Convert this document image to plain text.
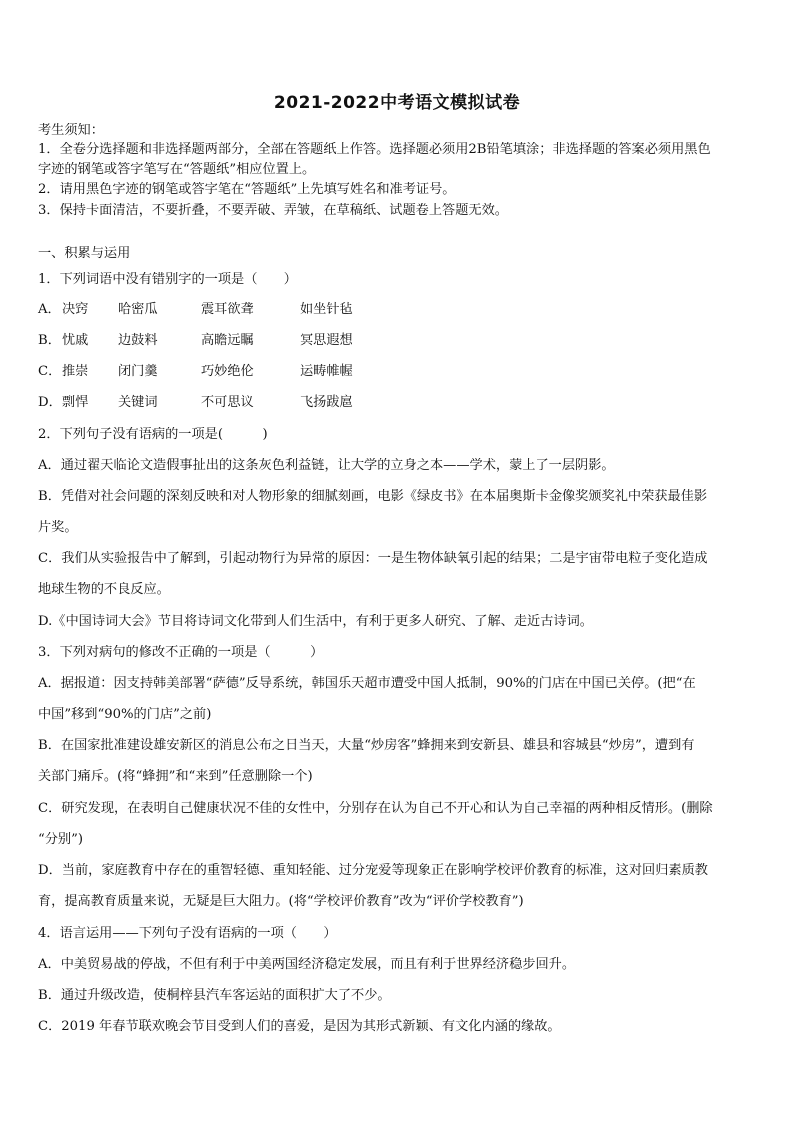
2021-2022中考语文模拟试卷
考生须知：
1．全卷分选择题和非选择题两部分，全部在答题纸上作答。选择题必须用2B铅笔填涂；非选择题的答案必须用黑色
字迹的钢笔或答字笔写在“答题纸”相应位置上。
2．请用黑色字迹的钢笔或答字笔在“答题纸”上先填写姓名和准考证号。
3．保持卡面清洁，不要折叠，不要弄破、弄皱，在草稿纸、试题卷上答题无效。
一、积累与运用
1．下列词语中没有错别字的一项是（　　）
A． 决窍 哈密瓜	震耳欲聋	如坐针毡
B． 忧戚 边鼓料	高瞻远瞩	冥思遐想
C． 推崇 闭门羹	巧妙绝伦	运畴帷幄
D． 剽悍 关键词	不可思议	飞扬跋扈
2．下列句子没有语病的一项是(　　　)
A．通过翟天临论文造假事扯出的这条灰色利益链，让大学的立身之本——学术，蒙上了一层阴影。
B．凭借对社会问题的深刻反映和对人物形象的细腻刻画，电影《绿皮书》在本届奥斯卡金像奖颁奖礼中荣获最佳影
片奖。
C．我们从实验报告中了解到，引起动物行为异常的原因：一是生物体缺氧引起的结果；二是宇宙带电粒子变化造成
地球生物的不良反应。
D.《中国诗词大会》节目将诗词文化带到人们生活中，有利于更多人研究、了解、走近古诗词。
3．下列对病句的修改不正确的一项是（　　　）
A．据报道：因支持韩美部署“萨德”反导系统，韩国乐天超市遭受中国人抵制，90%的门店在中国已关停。(把“在
中国”移到“90%的门店”之前)
B．在国家批准建设雄安新区的消息公布之日当天，大量“炒房客”蜂拥来到安新县、雄县和容城县“炒房”，遭到有
关部门痛斥。(将“蜂拥”和“来到”任意删除一个)
C．研究发现，在表明自己健康状况不佳的女性中，分别存在认为自己不开心和认为自己幸福的两种相反情形。(删除
“分别”)
D．当前，家庭教育中存在的重智轻德、重知轻能、过分宠爱等现象正在影响学校评价教育的标准，这对回归素质教
育，提高教育质量来说，无疑是巨大阻力。(将“学校评价教育”改为“评价学校教育”)
4．语言运用——下列句子没有语病的一项（　　）
A．中美贸易战的停战，不但有利于中美两国经济稳定发展，而且有利于世界经济稳步回升。
B．通过升级改造，使桐梓县汽车客运站的面积扩大了不少。
C．2019 年春节联欢晚会节目受到人们的喜爱，是因为其形式新颖、有文化内涵的缘故。
